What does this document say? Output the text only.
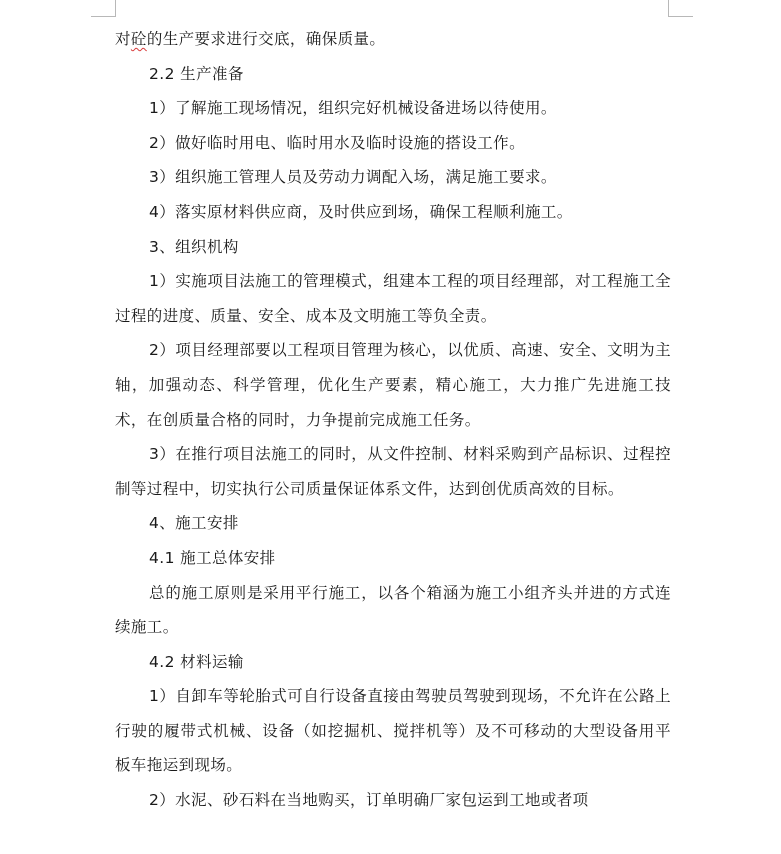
对砼的生产要求进行交底，确保质量。

2.2 生产准备

1）了解施工现场情况，组织完好机械设备进场以待使用。

2）做好临时用电、临时用水及临时设施的搭设工作。

3）组织施工管理人员及劳动力调配入场，满足施工要求。

4）落实原材料供应商，及时供应到场，确保工程顺利施工。

3、组织机构

1）实施项目法施工的管理模式，组建本工程的项目经理部，对工程施工全过程的进度、质量、安全、成本及文明施工等负全责。

2）项目经理部要以工程项目管理为核心，以优质、高速、安全、文明为主轴，加强动态、科学管理，优化生产要素，精心施工，大力推广先进施工技术，在创质量合格的同时，力争提前完成施工任务。

3）在推行项目法施工的同时，从文件控制、材料采购到产品标识、过程控制等过程中，切实执行公司质量保证体系文件，达到创优质高效的目标。

4、施工安排

4.1 施工总体安排

总的施工原则是采用平行施工，以各个箱涵为施工小组齐头并进的方式连续施工。

4.2 材料运输

1）自卸车等轮胎式可自行设备直接由驾驶员驾驶到现场，不允许在公路上行驶的履带式机械、设备（如挖掘机、搅拌机等）及不可移动的大型设备用平板车拖运到现场。

2）水泥、砂石料在当地购买，订单明确厂家包运到工地或者项
